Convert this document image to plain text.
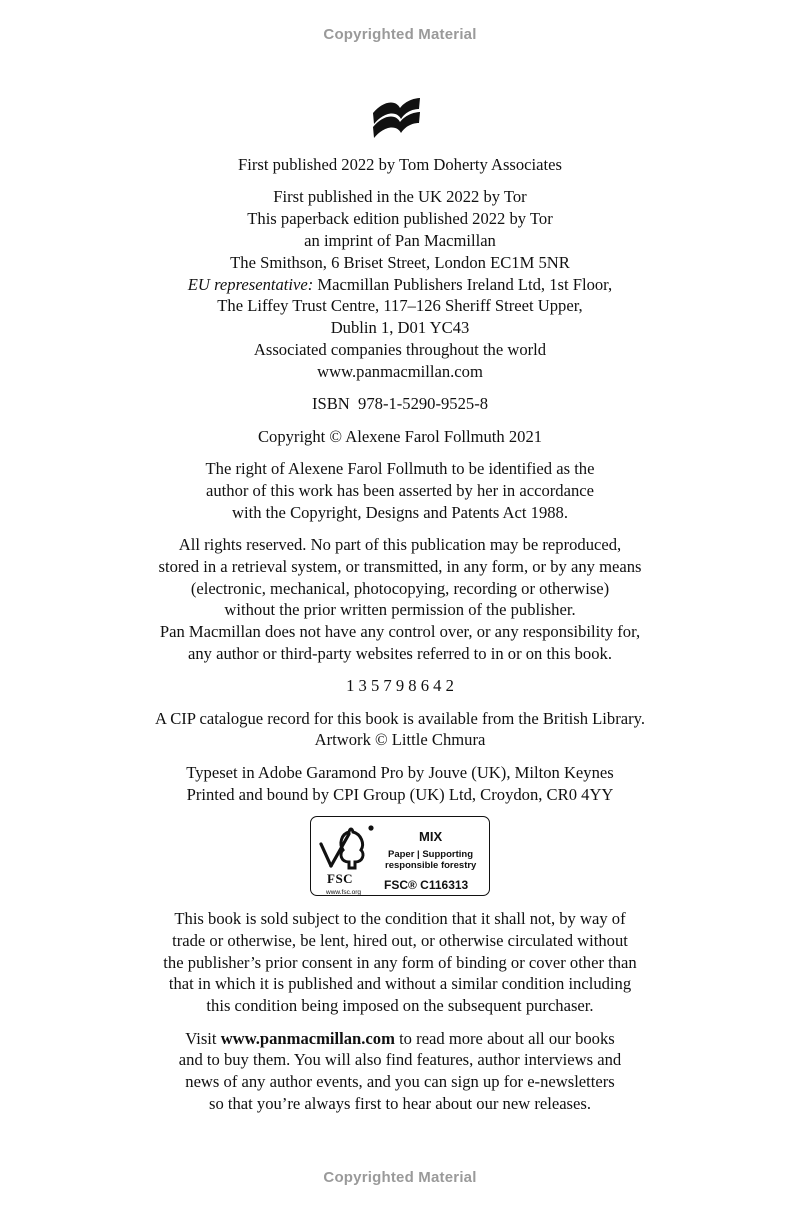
Copyrighted Material
First published 2022 by Tom Doherty Associates
First published in the UK 2022 by Tor
This paperback edition published 2022 by Tor
an imprint of Pan Macmillan
The Smithson, 6 Briset Street, London EC1M 5NR
EU representative: Macmillan Publishers Ireland Ltd, 1st Floor,
The Liffey Trust Centre, 117–126 Sheriff Street Upper,
Dublin 1, D01 YC43
Associated companies throughout the world
www.panmacmillan.com
ISBN  978-1-5290-9525-8
Copyright © Alexene Farol Follmuth 2021
The right of Alexene Farol Follmuth to be identified as the
author of this work has been asserted by her in accordance
with the Copyright, Designs and Patents Act 1988.
All rights reserved. No part of this publication may be reproduced,
stored in a retrieval system, or transmitted, in any form, or by any means
(electronic, mechanical, photocopying, recording or otherwise)
without the prior written permission of the publisher.
Pan Macmillan does not have any control over, or any responsibility for,
any author or third-party websites referred to in or on this book.
1 3 5 7 9 8 6 4 2
A CIP catalogue record for this book is available from the British Library.
Artwork © Little Chmura
Typeset in Adobe Garamond Pro by Jouve (UK), Milton Keynes
Printed and bound by CPI Group (UK) Ltd, Croydon, CR0 4YY
FSC
www.fsc.org
MIX
Paper | Supporting
responsible forestry
FSC® C116313
This book is sold subject to the condition that it shall not, by way of
trade or otherwise, be lent, hired out, or otherwise circulated without
the publisher’s prior consent in any form of binding or cover other than
that in which it is published and without a similar condition including
this condition being imposed on the subsequent purchaser.
Visit www.panmacmillan.com to read more about all our books
and to buy them. You will also find features, author interviews and
news of any author events, and you can sign up for e-newsletters
so that you’re always first to hear about our new releases.
Copyrighted Material
